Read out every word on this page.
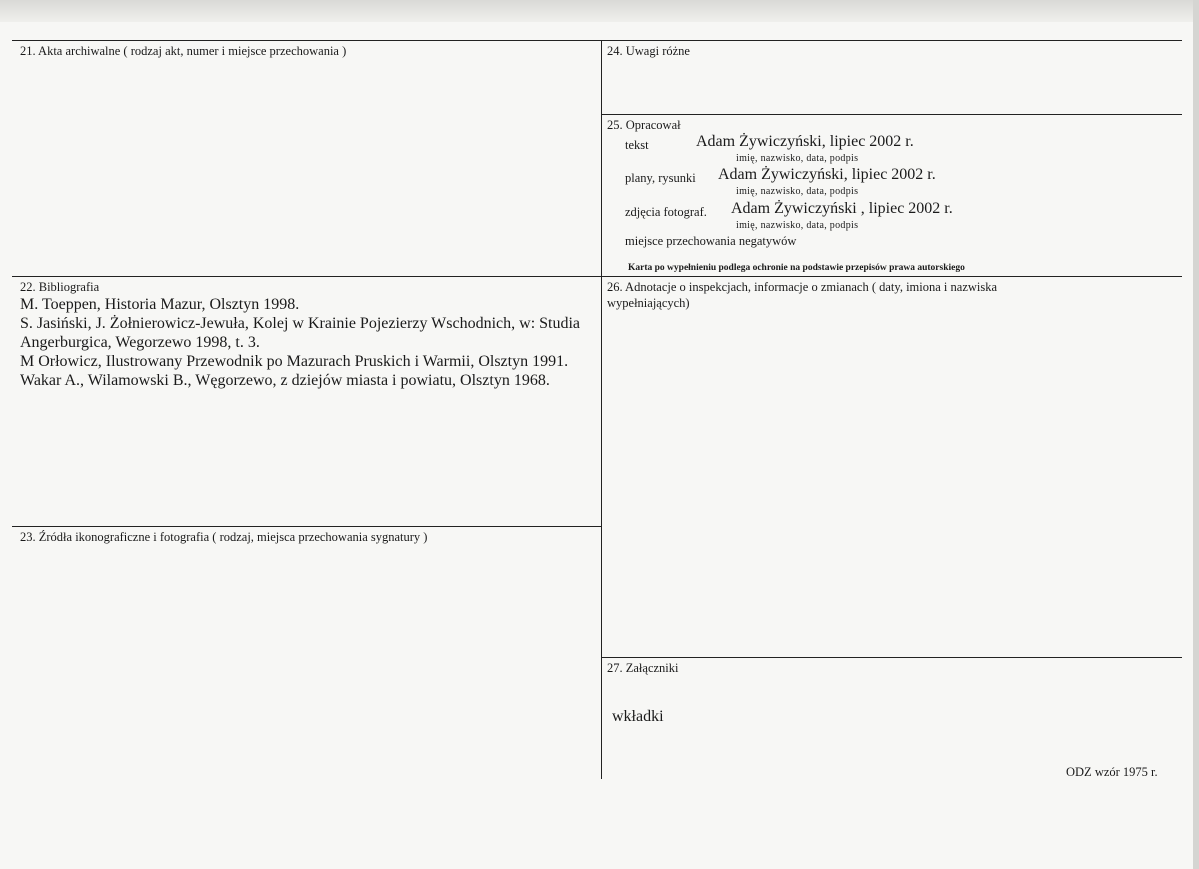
21. Akta archiwalne ( rodzaj akt, numer i miejsce przechowania )
22. Bibliografia

M. Toeppen, Historia Mazur, Olsztyn 1998.

S. Jasiński, J. Żołnierowicz-Jewuła, Kolej w Krainie Pojezierzy Wschodnich, w: Studia Angerburgica, Wegorzewo 1998, t. 3.

M Orłowicz, Ilustrowany Przewodnik po Mazurach Pruskich i Warmii, Olsztyn 1991.

Wakar A., Wilamowski B., Węgorzewo, z dziejów miasta i powiatu, Olsztyn 1968.

23. Źródła ikonograficzne i fotografia ( rodzaj, miejsca przechowania sygnatury )
24. Uwagi różne
25. Opracował
tekst	Adam Żywiczyński, lipiec 2002 r.
imię, nazwisko, data, podpis
plany, rysunki Adam Żywiczyński, lipiec 2002 r.
imię, nazwisko, data, podpis
zdjęcia fotograf. Adam Żywiczyński , lipiec 2002 r.
imię, nazwisko, data, podpis
miejsce przechowania negatywów
Karta po wypełnieniu podlega ochronie na podstawie przepisów prawa autorskiego
26. Adnotacje o inspekcjach, informacje o zmianach ( daty, imiona i nazwiska
wypełniających)
27. Załączniki
wkładki
ODZ wzór 1975 r.
